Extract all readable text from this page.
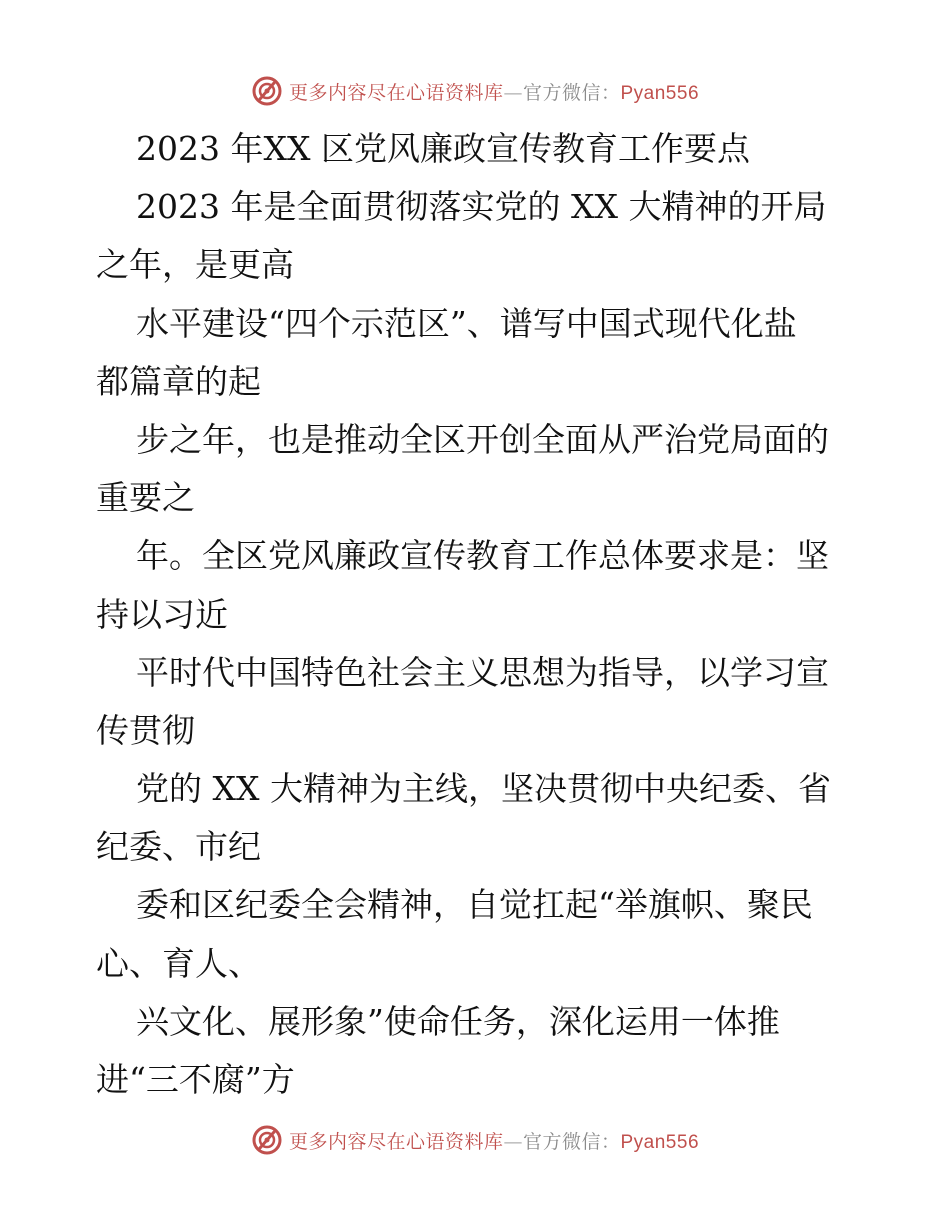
更多内容尽在心语资料库—官方微信：Pyan556
2023 年XX 区党风廉政宣传教育工作要点
2023 年是全面贯彻落实党的 XX 大精神的开局
之年，是更高
水平建设“四个示范区”、谱写中国式现代化盐
都篇章的起
步之年，也是推动全区开创全面从严治党局面的
重要之
年。全区党风廉政宣传教育工作总体要求是：坚
持以习近
平时代中国特色社会主义思想为指导，以学习宣
传贯彻
党的 XX 大精神为主线，坚决贯彻中央纪委、省
纪委、市纪
委和区纪委全会精神，自觉扛起“举旗帜、聚民
心、育人、
兴文化、展形象”使命任务，深化运用一体推
进“三不腐”方
更多内容尽在心语资料库—官方微信：Pyan556
